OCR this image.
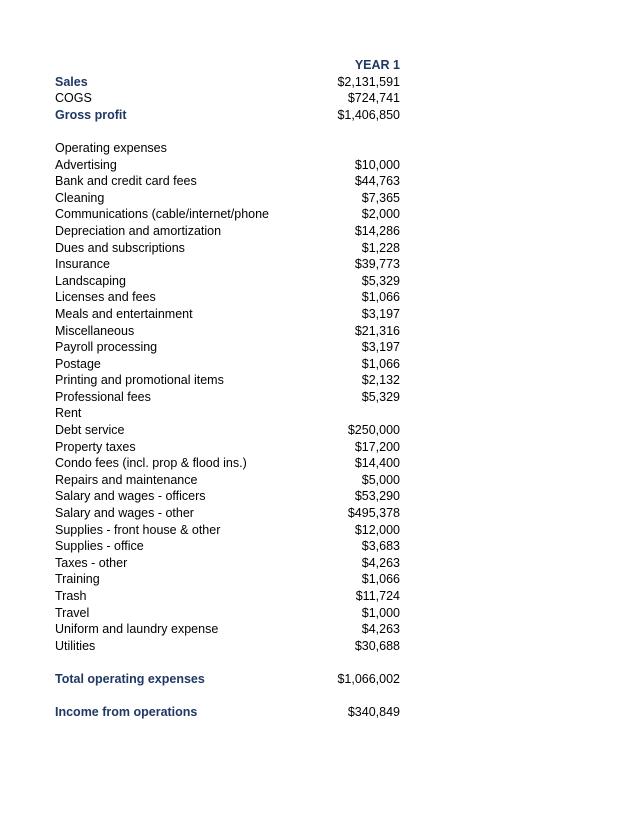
YEAR 1
Sales	$2,131,591
COGS	$724,741
Gross profit	$1,406,850
Operating expenses
Advertising	$10,000
Bank and credit card fees	$44,763
Cleaning	$7,365
Communications (cable/internet/phone	$2,000
Depreciation and amortization	$14,286
Dues and subscriptions	$1,228
Insurance	$39,773
Landscaping	$5,329
Licenses and fees	$1,066
Meals and entertainment	$3,197
Miscellaneous	$21,316
Payroll processing	$3,197
Postage	$1,066
Printing and promotional items	$2,132
Professional fees	$5,329
Rent
Debt service	$250,000
Property taxes	$17,200
Condo fees (incl. prop & flood ins.)	$14,400
Repairs and maintenance	$5,000
Salary and wages - officers	$53,290
Salary and wages - other	$495,378
Supplies - front house & other	$12,000
Supplies - office	$3,683
Taxes - other	$4,263
Training	$1,066
Trash	$11,724
Travel	$1,000
Uniform and laundry expense	$4,263
Utilities	$30,688
Total operating expenses	$1,066,002
Income from operations	$340,849
